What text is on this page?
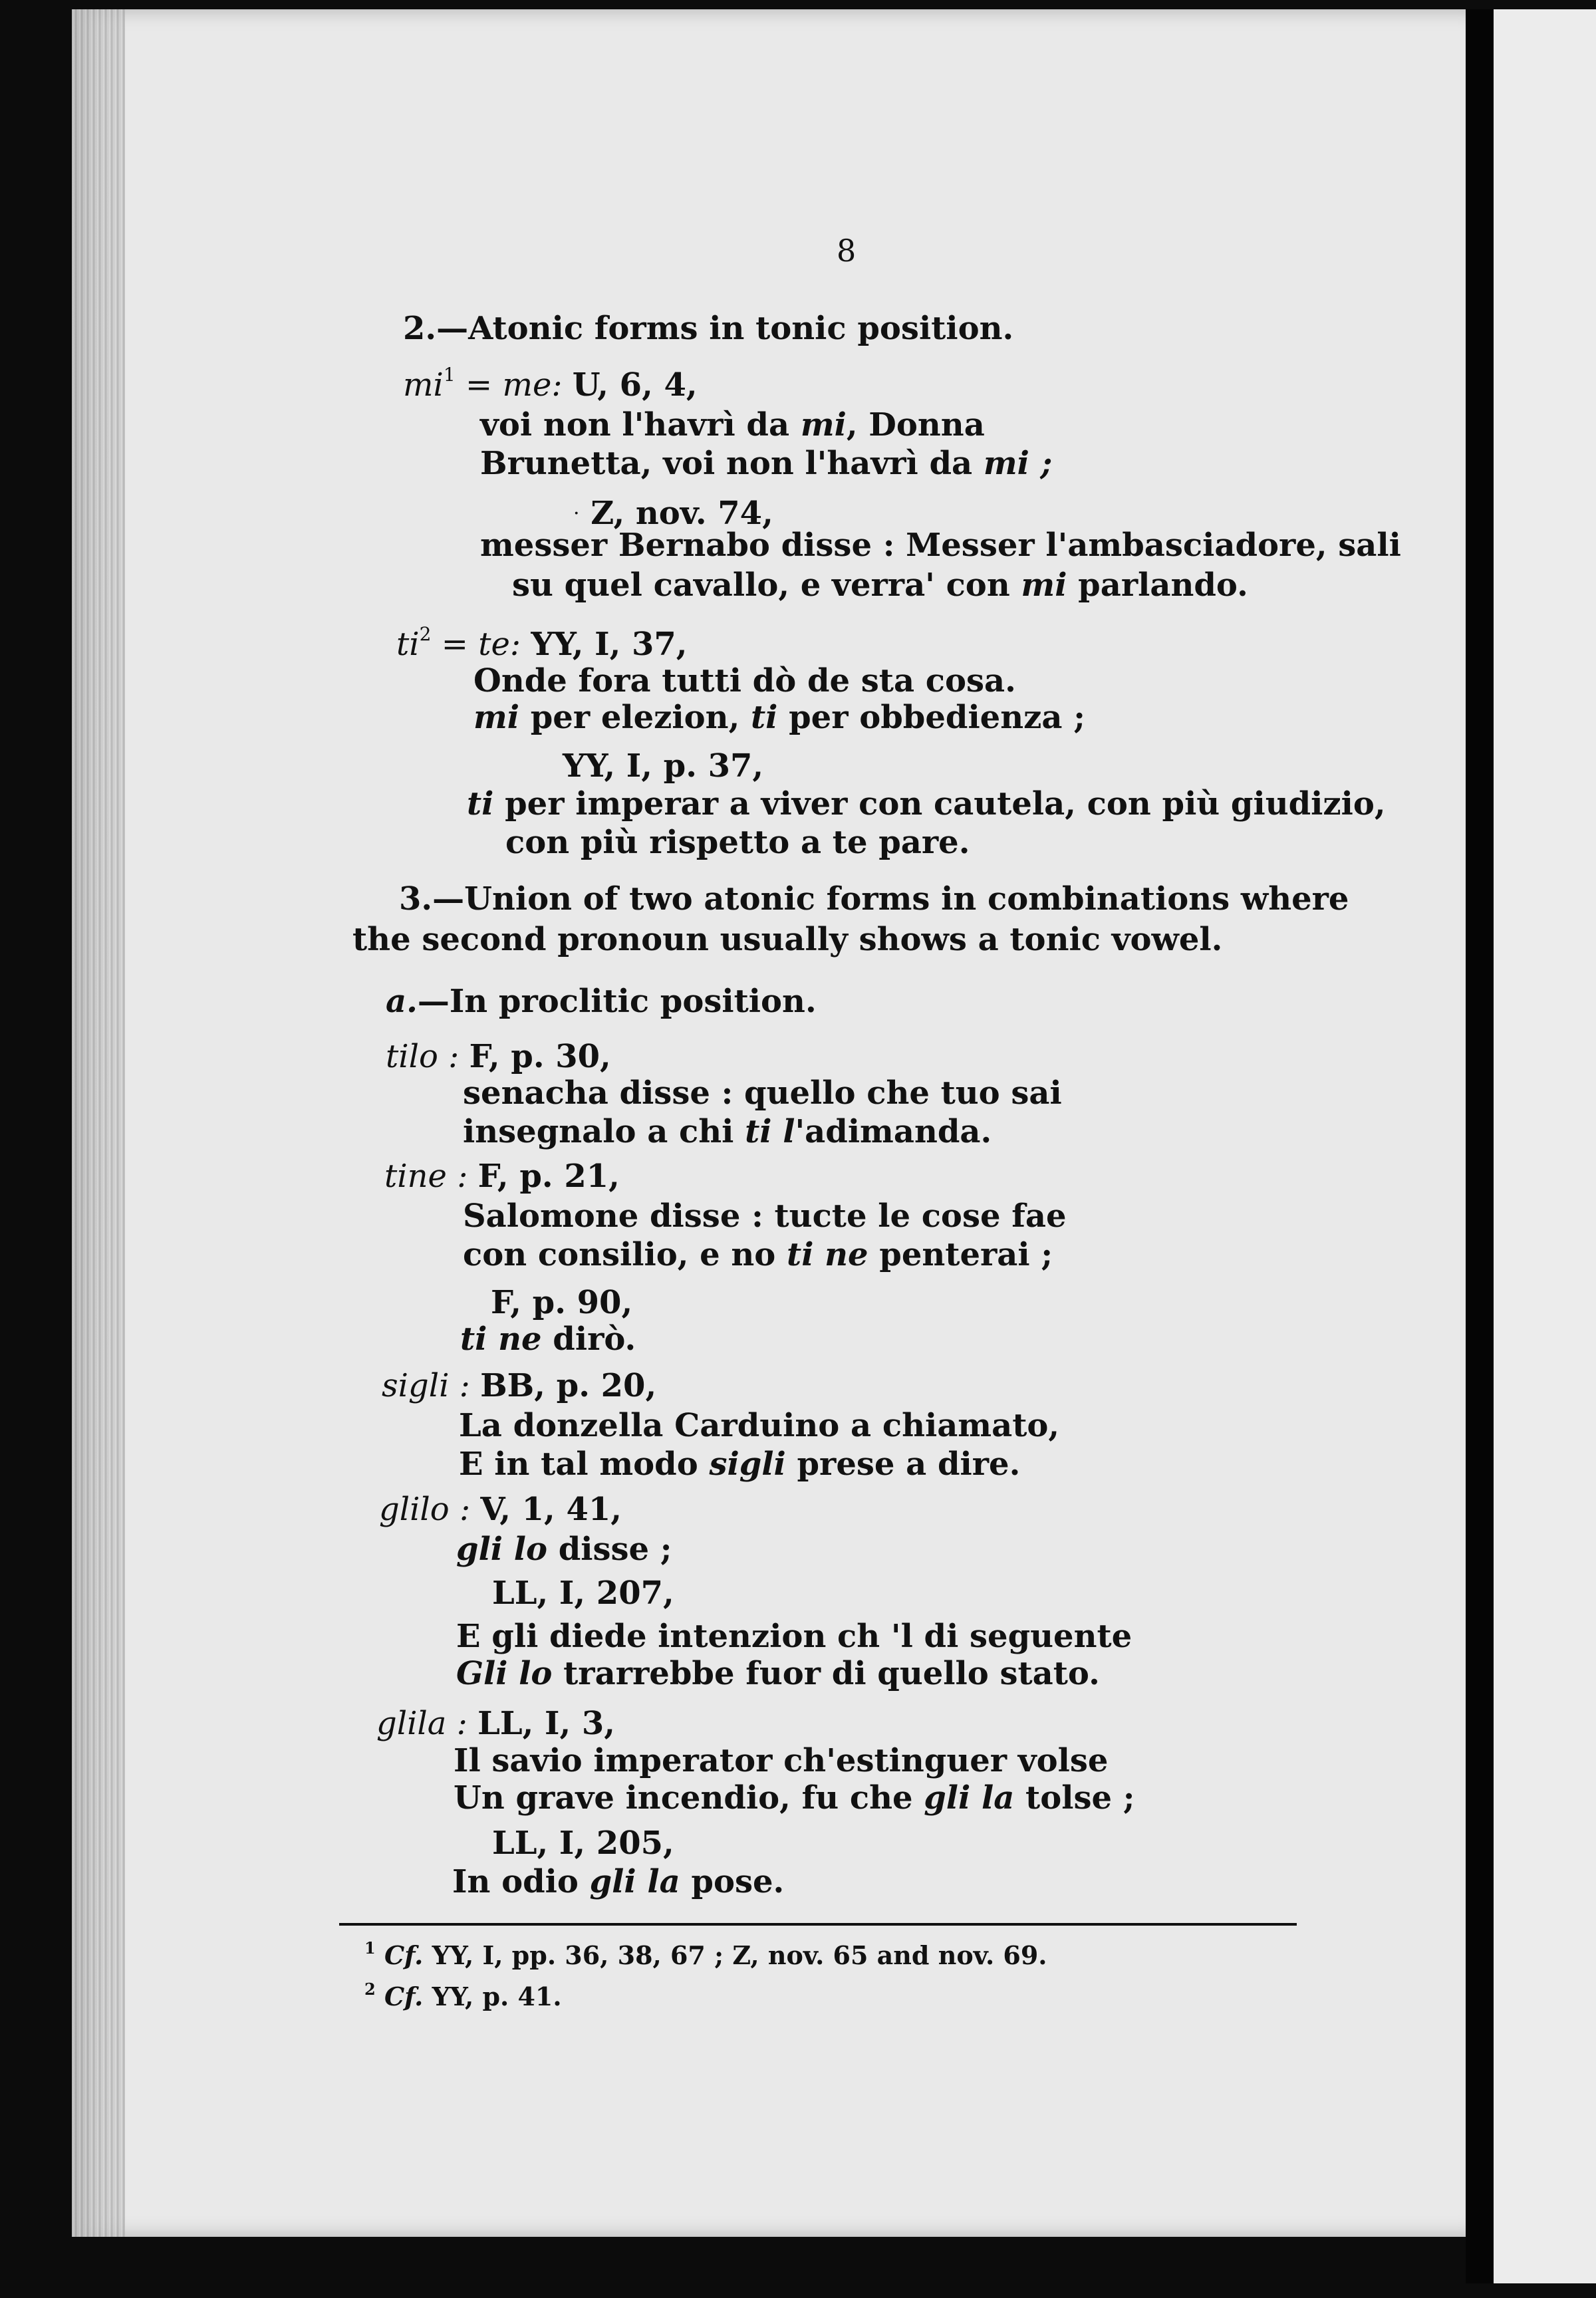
8
2.—Atonic forms in tonic position.
$mi^1$ = me: U, 6, 4,
voi non l'havrì da mi, Donna
Brunetta, voi non l'havrì da mi ;
· Z, nov. 74,
messer Bernabo disse : Messer l'ambasciadore, sali
su quel cavallo, e verra' con mi parlando.
$ti^2$ = te: YY, I, 37,
Onde fora tutti dò de sta cosa.
mi per elezion, ti per obbedienza ;
YY, I, p. 37,
ti per imperar a viver con cautela, con più giudizio,
con più rispetto a te pare.
3.—Union of two atonic forms in combinations where
the second pronoun usually shows a tonic vowel.
a.—In proclitic position.
tilo : F, p. 30,
senacha disse : quello che tuo sai
insegnalo a chi ti l'adimanda.
tine : F, p. 21,
Salomone disse : tucte le cose fae
con consilio, e no ti ne penterai ;
F, p. 90,
ti ne dirò.
sigli : BB, p. 20,
La donzella Carduino a chiamato,
E in tal modo sigli prese a dire.
glilo : V, 1, 41,
gli lo disse ;
LL, I, 207,
E gli diede intenzion ch 'l di seguente
Gli lo trarrebbe fuor di quello stato.
glila : LL, I, 3,
Il savio imperator ch'estinguer volse
Un grave incendio, fu che gli la tolse ;
LL, I, 205,
In odio gli la pose.
$^1$ Cf. YY, I, pp. 36, 38, 67 ; Z, nov. 65 and nov. 69.
$^2$ Cf. YY, p. 41.
